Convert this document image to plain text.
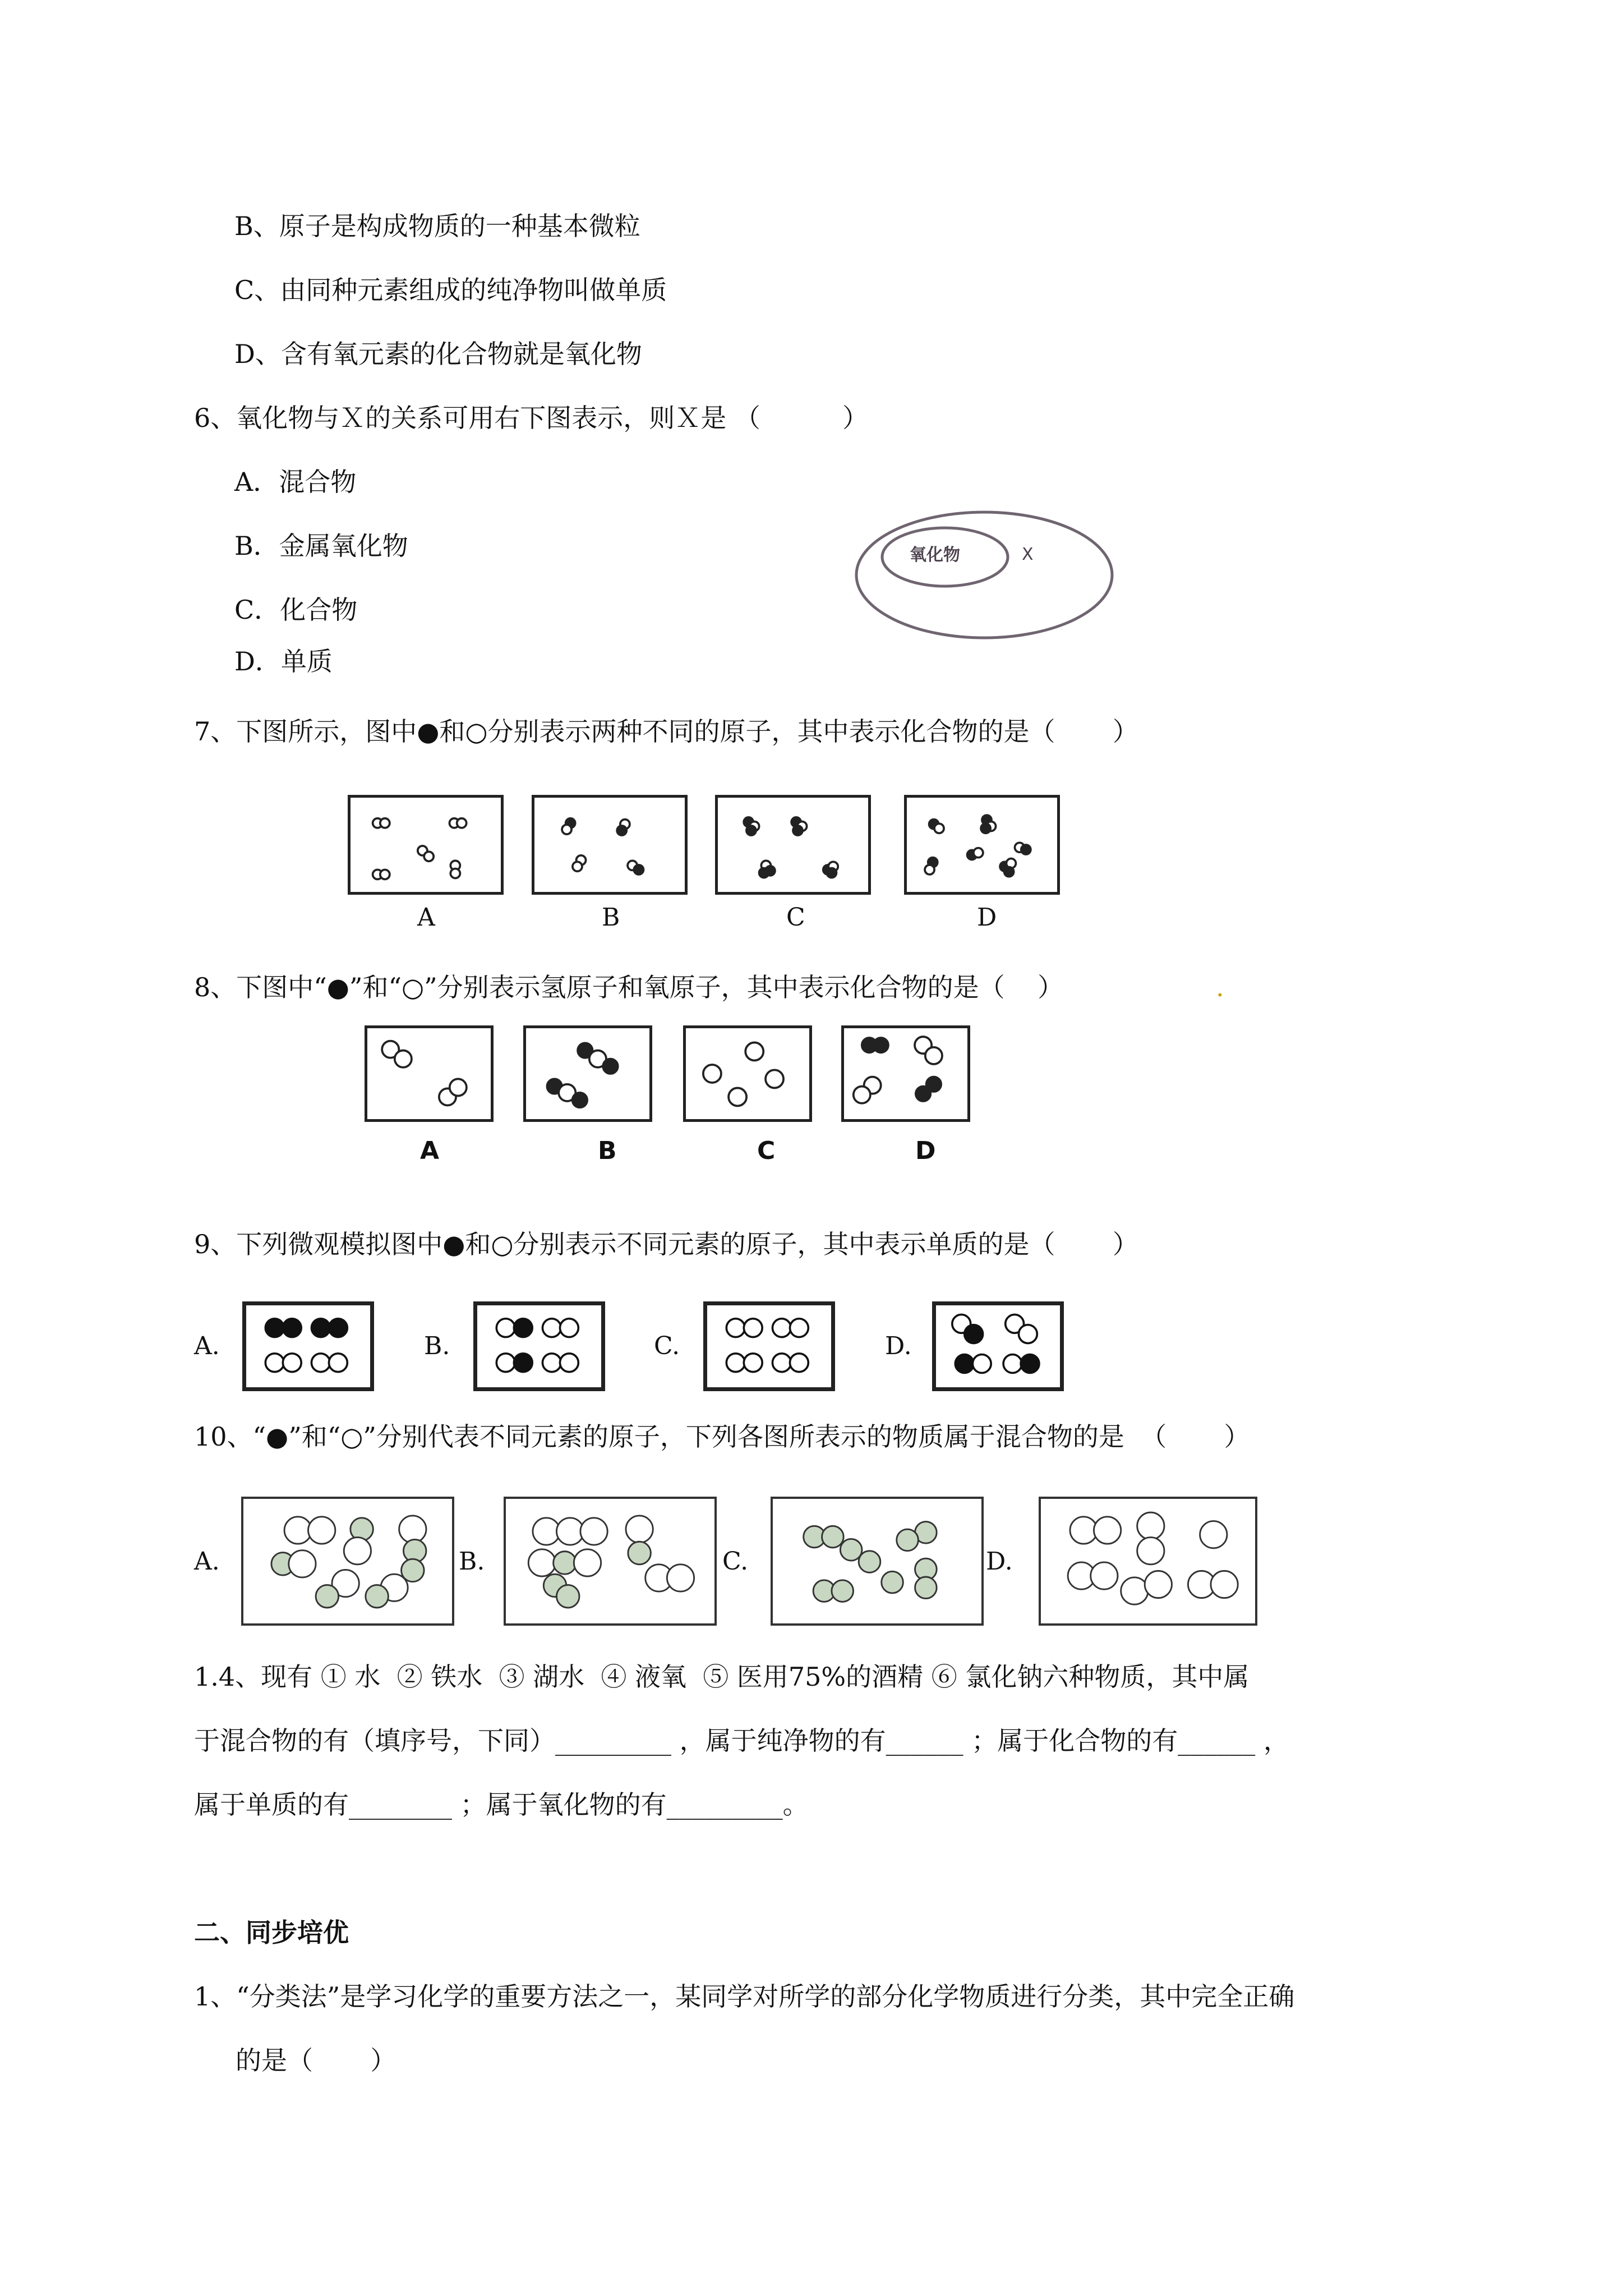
B、原子是构成物质的一种基本微粒
C、由同种元素组成的纯净物叫做单质
D、含有氧元素的化合物就是氧化物
6、氧化物与Ｘ的关系可用右下图表示，则Ｘ是 （          ）
A．混合物
B．金属氧化物
C．化合物
D．单质
氧化物	X
7、下图所示，图中●和○分别表示两种不同的原子，其中表示化合物的是（       ）
A	B	C	D
8、下图中“●”和“○”分别表示氢原子和氧原子，其中表示化合物的是（    ）	.
A	B	C	D
9、下列微观模拟图中●和○分别表示不同元素的原子，其中表示单质的是（       ）
A.	B.	C.	D.
10、“●”和“○”分别代表不同元素的原子，下列各图所表示的物质属于混合物的是  （       ）
A.	B.	C.	D.
1.4、现有 ① 水  ② 铁水  ③ 湖水  ④ 液氧  ⑤ 医用75%的酒精 ⑥ 氯化钠六种物质，其中属
于混合物的有（填序号，下同）_________ ，属于纯净物的有______ ；属于化合物的有______ ，
属于单质的有________ ；属于氧化物的有_________。
二、同步培优
1、“分类法”是学习化学的重要方法之一，某同学对所学的部分化学物质进行分类，其中完全正确
的是（       ）
